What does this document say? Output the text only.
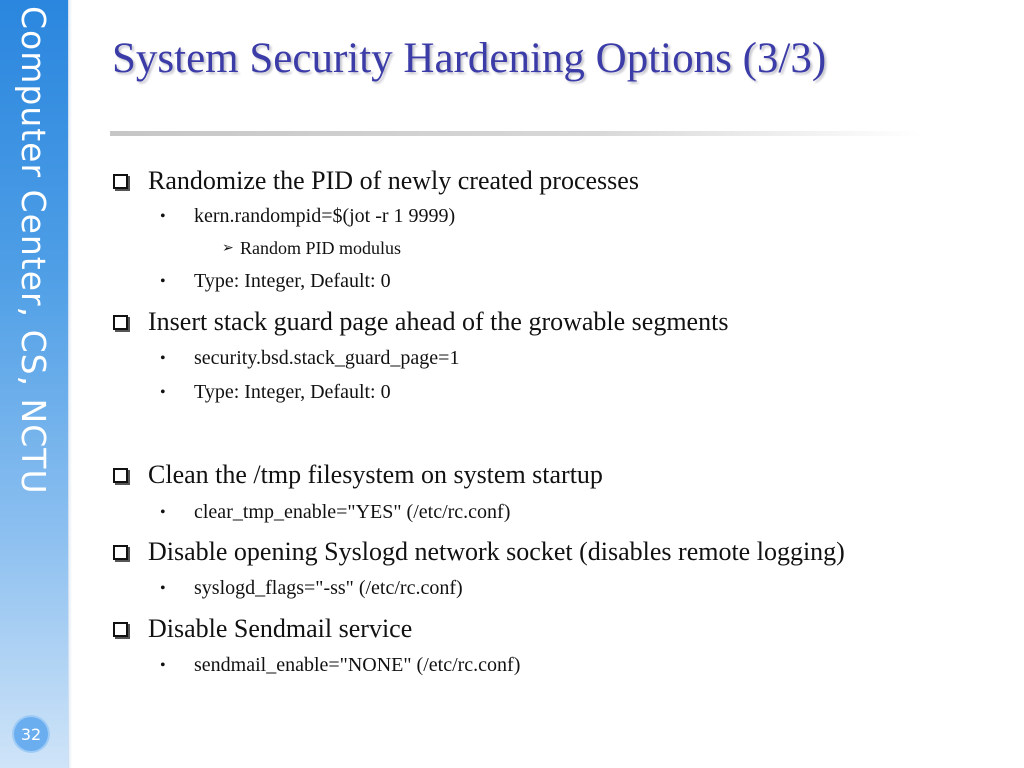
Computer Center, CS, NCTU
32
System Security Hardening Options (3/3)
Randomize the PID of newly created processes
•	kern.randompid=$(jot -r 1 9999)
➢ Random PID modulus
•	Type: Integer, Default: 0
Insert stack guard page ahead of the growable segments
•	security.bsd.stack_guard_page=1
•	Type: Integer, Default: 0
Clean the /tmp filesystem on system startup
•	clear_tmp_enable="YES" (/etc/rc.conf)
Disable opening Syslogd network socket (disables remote logging)
•	syslogd_flags="-ss" (/etc/rc.conf)
Disable Sendmail service
•	sendmail_enable="NONE" (/etc/rc.conf)
